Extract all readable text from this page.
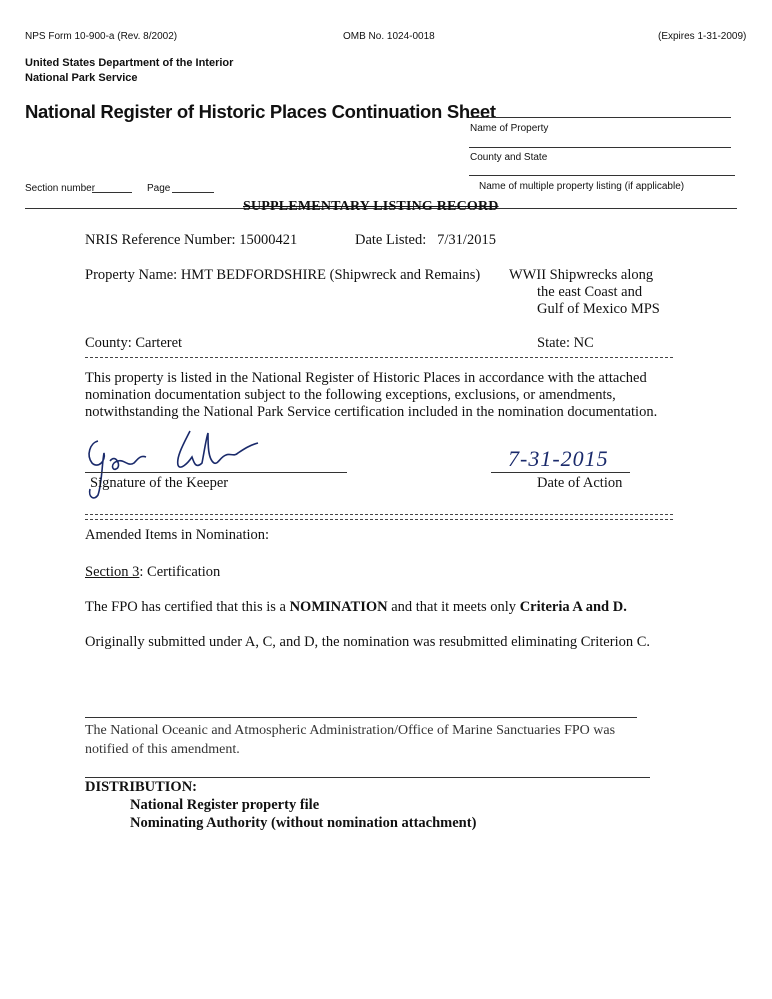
NPS Form 10-900-a (Rev. 8/2002)	OMB No. 1024-0018	(Expires 1-31-2009)
United States Department of the Interior
National Park Service
National Register of Historic Places Continuation Sheet
Name of Property
County and State
Section number	Page	Name of multiple property listing (if applicable)
SUPPLEMENTARY LISTING RECORD
NRIS Reference Number: 15000421	Date Listed:   7/31/2015
Property Name: HMT BEDFORDSHIRE (Shipwreck and Remains) WWII Shipwrecks along
the east Coast and
Gulf of Mexico MPS
County: Carteret	State: NC
This property is listed in the National Register of Historic Places in accordance with the attached
nomination documentation subject to the following exceptions, exclusions, or amendments,
notwithstanding the National Park Service certification included in the nomination documentation.
Signature of the Keeper
7-31-2015
Date of Action
Amended Items in Nomination:
Section 3: Certification
The FPO has certified that this is a NOMINATION and that it meets only Criteria A and D.
Originally submitted under A, C, and D, the nomination was resubmitted eliminating Criterion C.
The National Oceanic and Atmospheric Administration/Office of Marine Sanctuaries FPO was
notified of this amendment.
DISTRIBUTION:
National Register property file
Nominating Authority (without nomination attachment)
